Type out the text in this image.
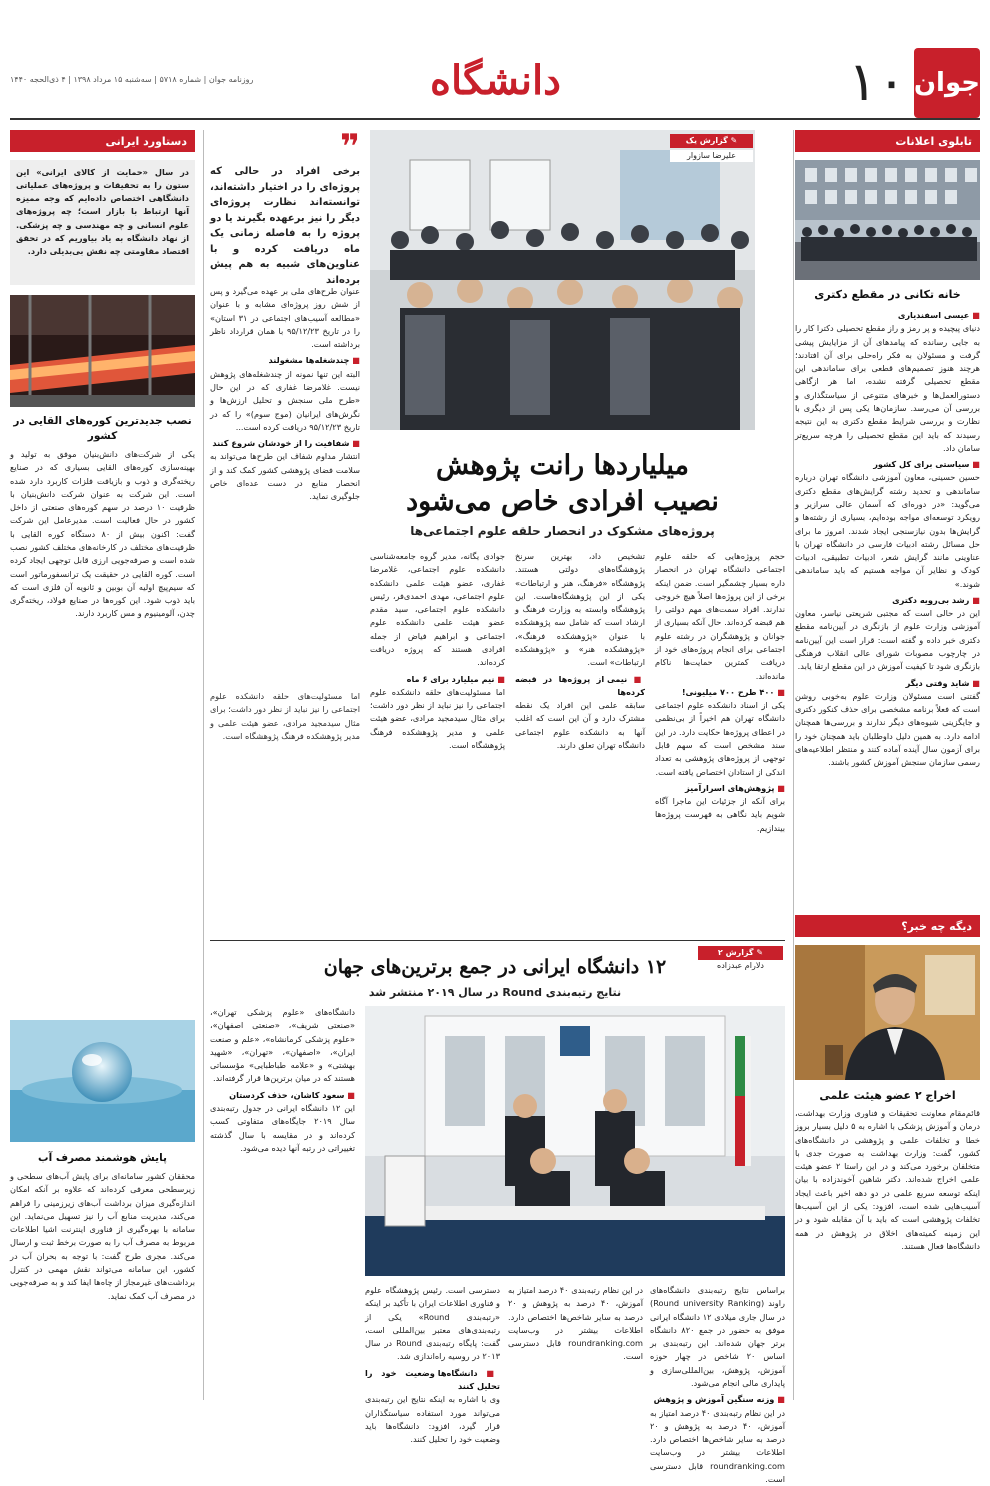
جوان
۱۰
دانشگاه
روزنامه جوان | شماره ۵۷۱۸ | سه‌شنبه ۱۵ مرداد ۱۳۹۸ | ۴ ذی‌الحجه ۱۴۴۰
تابلوی اعلانات
خانه تکانی در مقطع دکتری
■ عیسی اسفندیاری
دنیای پیچیده و پر رمز و راز مقطع تحصیلی دکترا کار را به جایی رسانده که پیامدهای آن از مزایایش پیشی گرفت و مسئولان به فکر راه‌حلی برای آن افتادند؛ هرچند هنوز تصمیم‌های قطعی برای ساماندهی این مقطع تحصیلی گرفته نشده، اما هر ازگاهی دستورالعمل‌ها و خبرهای متنوعی از سیاستگذاری و بررسی آن می‌رسد. سازمان‌ها یکی پس از دیگری با نظارت و بررسی شرایط مقطع دکتری به این نتیجه رسیدند که باید این مقطع تحصیلی را هرچه سریع‌تر سامان داد.
■ سیاستی برای کل کشور
حسین حسینی، معاون آموزشی دانشگاه تهران درباره ساماندهی و تحدید رشته گرایش‌های مقطع دکتری می‌گوید: «در دوره‌ای که آسمان عالی سرازیر و رویکرد توسعه‌ای مواجه بوده‌ایم، بسیاری از رشته‌ها و گرایش‌ها بدون نیاز‌سنجی ایجاد شدند. امروز ما برای حل مسائل رشته ادبیات فارسی در دانشگاه تهران با عناوینی مانند گرایش شعر، ادبیات تطبیقی، ادبیات کودک و نظایر آن مواجه هستیم که باید ساماندهی شوند.»
■ رشد بی‌رویه دکتری
این در حالی است که مجتبی شریعتی نیاسر، معاون آموزشی وزارت علوم از بازنگری در آیین‌نامه مقطع دکتری خبر داده و گفته است: قرار است این آیین‌نامه در چارچوب مصوبات شورای عالی انقلاب فرهنگی بازنگری شود تا کیفیت آموزش در این مقطع ارتقا یابد.
■ شاید وقتی دیگر
گفتنی است مسئولان وزارت علوم به‌خوبی روشن است که فعلاً برنامه مشخصی برای حذف کنکور دکتری و جایگزینی شیوه‌های دیگر ندارند و بررسی‌ها همچنان ادامه دارد. به همین دلیل داوطلبان باید همچنان خود را برای آزمون سال آینده آماده کنند و منتظر اطلاعیه‌های رسمی سازمان سنجش آموزش کشور باشند.
دیگه چه خبر؟
اخراج ۲ عضو هیئت علمی
قائم‌مقام معاونت تحقیقات و فناوری وزارت بهداشت، درمان و آموزش پزشکی با اشاره به ۵ دلیل بسیار بروز خطا و تخلفات علمی و پژوهشی در دانشگاه‌های کشور، گفت: وزارت بهداشت به صورت جدی با متخلفان برخورد می‌کند و در این راستا ۲ عضو هیئت علمی اخراج شده‌اند. دکتر شاهین آخوندزاده با بیان اینکه توسعه سریع علمی در دو دهه اخیر باعث ایجاد آسیب‌هایی شده است، افزود: یکی از این آسیب‌ها تخلفات پژوهشی است که باید با آن مقابله شود و در این زمینه کمیته‌های اخلاق در پژوهش در همه دانشگاه‌ها فعال هستند.
✎ گزارش یک
علیرضا سازوار
❞
برخی افراد در حالی که پروژه‌ای را در اختیار داشته‌اند، توانسته‌اند نظارت پروژه‌ای دیگر را نیز برعهده بگیرند یا دو پروژه را به فاصله زمانی یک ماه دریافت کرده و با عناوین‌های شبیه به هم پیش برده‌اند
عنوان طرح‌های ملی بر عهده می‌گیرد و پس از شش روز پروژه‌ای مشابه و با عنوان «مطالعه آسیب‌های اجتماعی در ۳۱ استان» را در تاریخ ۹۵/۱۲/۲۳ با همان قرارداد ناظر برداشته است.
■ چندشغله‌ها مشغولند
البته این تنها نمونه از چندشغله‌های پژوهش نیست. غلامرضا غفاری که در این حال «طرح ملی سنجش و تحلیل ارزش‌ها و نگرش‌های ایرانیان (موج سوم)» را که در تاریخ ۹۵/۱۲/۲۳ دریافت کرده است...
■ شفافیت را از خودشان شروع کنند
انتشار مداوم شفاف این طرح‌ها می‌تواند به سلامت فضای پژوهشی کشور کمک کند و از انحصار منابع در دست عده‌ای خاص جلوگیری نماید.
میلیاردها رانت پژوهش
نصیب افرادی خاص می‌شود
پروژه‌های مشکوک در انحصار حلقه علوم اجتماعی‌ها
حجم پروژه‌هایی که حلقه علوم اجتماعی دانشگاه تهران در انحصار داره بسیار چشمگیر است. ضمن اینکه برخی از این پروژه‌ها اصلاً هیچ خروجی ندارند. افراد سمت‌های مهم دولتی را هم قبضه کرده‌اند. حال آنکه بسیاری از جوانان و پژوهشگران در رشته علوم اجتماعی برای انجام پروژه‌های خود از دریافت کمترین حمایت‌ها ناکام مانده‌اند.
■ ۴۰۰ طرح ۷۰۰ میلیونی!
یکی از اسناد دانشکده علوم اجتماعی دانشگاه تهران هم اخیراً از بی‌نظمی در اعطای پروژه‌ها حکایت دارد. در این سند مشخص است که سهم قابل توجهی از پروژه‌های پژوهشی به تعداد اندکی از استادان اختصاص یافته است.
■ پژوهش‌های اسرارآمیز
برای آنکه از جزئیات این ماجرا آگاه شویم باید نگاهی به فهرست پروژه‌ها بیندازیم.
تشخیص داد، بهترین سرنخ پژوهشگاه‌های دولتی هستند. پژوهشگاه «فرهنگ، هنر و ارتباطات» یکی از این پژوهشگاه‌هاست. این پژوهشگاه وابسته به وزارت فرهنگ و ارشاد است که شامل سه پژوهشکده با عنوان «پژوهشکده فرهنگ»، «پژوهشکده هنر» و «پژوهشکده ارتباطات» است.
■ نیمی از پروژه‌ها در قبضه کرده‌ها
سابقه علمی این افراد یک نقطه مشترک دارد و آن این است که اغلب آنها به دانشکده علوم اجتماعی دانشگاه تهران تعلق دارند.
جوادی یگانه، مدیر گروه جامعه‌شناسی دانشکده علوم اجتماعی، غلامرضا غفاری، عضو هیئت علمی دانشکده علوم اجتماعی، مهدی احمدی‌فر، رئیس دانشکده علوم اجتماعی، سید مقدم عضو هیئت علمی دانشکده علوم اجتماعی و ابراهیم فیاض از جمله افرادی هستند که پروژه دریافت کرده‌اند.
■ نیم میلیارد برای ۶ ماه
اما مسئولیت‌های حلقه دانشکده علوم اجتماعی را نیز نباید از نظر دور داشت؛ برای مثال سیدمجید مرادی، عضو هیئت علمی و مدیر پژوهشکده فرهنگ پژوهشگاه است.
اما مسئولیت‌های حلقه دانشکده علوم اجتماعی را نیز نباید از نظر دور داشت؛ برای مثال سیدمجید مرادی، عضو هیئت علمی و مدیر پژوهشکده فرهنگ پژوهشگاه است.
✎ گزارش ۲
دلارام عبدزاده
۱۲ دانشگاه ایرانی در جمع برترین‌های جهان
نتایج رتبه‌بندی Round در سال ۲۰۱۹ منتشر شد
دانشگاه‌های «علوم پزشکی تهران»، «صنعتی شریف»، «صنعتی اصفهان»، «علوم پزشکی کرمانشاه»، «علم و صنعت ایران»، «اصفهان»، «تهران»، «شهید بهشتی» و «علامه طباطبایی» مؤسساتی هستند که در میان برترین‌ها قرار گرفته‌اند.
■ سعود کاشان، حذف کردستان
این ۱۲ دانشگاه ایرانی در جدول رتبه‌بندی سال ۲۰۱۹ جایگاه‌های متفاوتی کسب کرده‌اند و در مقایسه با سال گذشته تغییراتی در رتبه آنها دیده می‌شود.
براساس نتایج رتبه‌بندی دانشگاه‌های راوند (Round university Ranking) در سال جاری میلادی ۱۲ دانشگاه ایرانی موفق به حضور در جمع ۸۲۰ دانشگاه برتر جهان شده‌اند. این رتبه‌بندی بر اساس ۲۰ شاخص در چهار حوزه آموزش، پژوهش، بین‌المللی‌سازی و پایداری مالی انجام می‌شود.
■ وزنه سنگین آموزش و پژوهش
در این نظام رتبه‌بندی ۴۰ درصد امتیاز به آموزش، ۴۰ درصد به پژوهش و ۲۰ درصد به سایر شاخص‌ها اختصاص دارد. اطلاعات بیشتر در وب‌سایت roundranking.com قابل دسترسی است.
در این نظام رتبه‌بندی ۴۰ درصد امتیاز به آموزش، ۴۰ درصد به پژوهش و ۲۰ درصد به سایر شاخص‌ها اختصاص دارد. اطلاعات بیشتر در وب‌سایت roundranking.com قابل دسترسی است.
دسترسی است. رئیس پژوهشگاه علوم و فناوری اطلاعات ایران با تأکید بر اینکه «رتبه‌بندی Round» یکی از رتبه‌بندی‌های معتبر بین‌المللی است، گفت: پایگاه رتبه‌بندی Round در سال ۲۰۱۳ در روسیه راه‌اندازی شد.
■ دانشگاه‌ها وضعیت خود را تحلیل کنند
وی با اشاره به اینکه نتایج این رتبه‌بندی می‌تواند مورد استفاده سیاستگذاران قرار گیرد، افزود: دانشگاه‌ها باید وضعیت خود را تحلیل کنند.
دستاورد ایرانی
در سال «حمایت از کالای ایرانی» این ستون را به تحقیقات و پروژه‌های عملیاتی دانشگاهی اختصاص داده‌ایم که وجه ممیزه آنها ارتباط با بازار است؛ چه پروژه‌های علوم انسانی و چه مهندسی و چه پزشکی. از نهاد دانشگاه به یاد بیاوریم که در تحقق اقتصاد مقاومتی چه نقش بی‌بدیلی دارد.
نصب جدیدترین کوره‌های القایی در کشور
یکی از شرکت‌های دانش‌بنیان موفق به تولید و بهینه‌سازی کوره‌های القایی بسیاری که در صنایع ریخته‌گری و ذوب و بازیافت فلزات کاربرد دارد شده است. این شرکت به عنوان شرکت دانش‌بنیان با ظرفیت ۱۰ درصد در سهم کوره‌های صنعتی از داخل کشور در حال فعالیت است. مدیرعامل این شرکت گفت: اکنون بیش از ۸۰ دستگاه کوره القایی با ظرفیت‌های مختلف در کارخانه‌های مختلف کشور نصب شده است و صرفه‌جویی ارزی قابل توجهی ایجاد کرده است. کوره القایی در حقیقت یک ترانسفورماتور است که سیم‌پیچ اولیه آن بوبین و ثانویه آن فلزی است که باید ذوب شود. این کوره‌ها در صنایع فولاد، ریخته‌گری چدن، آلومینیوم و مس کاربرد دارند.
پایش هوشمند مصرف آب
محققان کشور سامانه‌ای برای پایش آب‌های سطحی و زیرسطحی معرفی کرده‌اند که علاوه بر آنکه امکان اندازه‌گیری میزان برداشت آب‌های زیرزمینی را فراهم می‌کند، مدیریت منابع آب را نیز تسهیل می‌نماید. این سامانه با بهره‌گیری از فناوری اینترنت اشیا اطلاعات مربوط به مصرف آب را به صورت برخط ثبت و ارسال می‌کند. مجری طرح گفت: با توجه به بحران آب در کشور، این سامانه می‌تواند نقش مهمی در کنترل برداشت‌های غیرمجاز از چاه‌ها ایفا کند و به صرفه‌جویی در مصرف آب کمک نماید.
